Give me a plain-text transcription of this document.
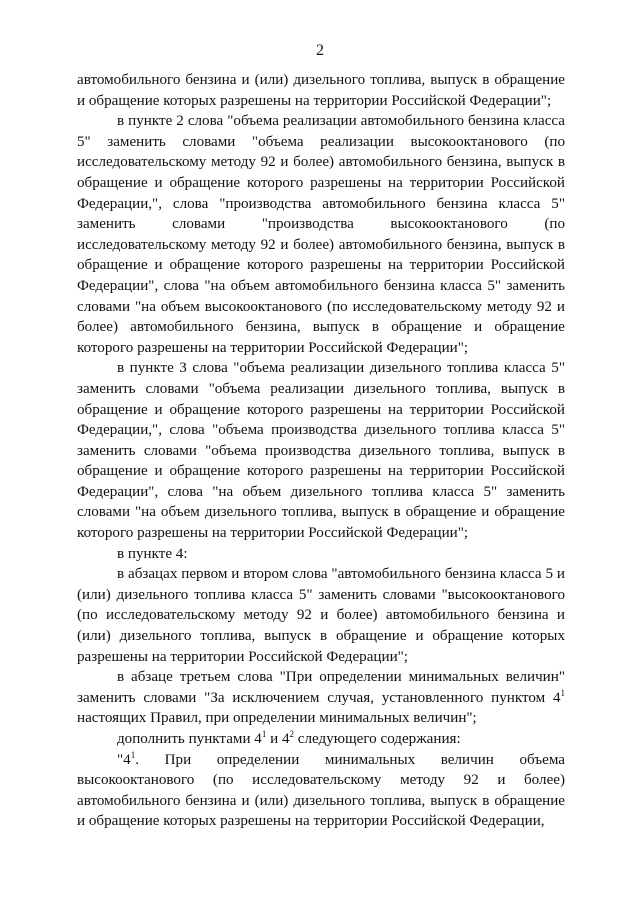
2

автомобильного бензина и (или) дизельного топлива, выпуск в обращение и обращение которых разрешены на территории Российской Федерации";

в пункте 2 слова "объема реализации автомобильного бензина класса 5" заменить словами "объема реализации высокооктанового (по исследовательскому методу 92 и более) автомобильного бензина, выпуск в обращение и обращение которого разрешены на территории Российской Федерации,", слова "производства автомобильного бензина класса 5" заменить словами "производства высокооктанового (по исследовательскому методу 92 и более) автомобильного бензина, выпуск в обращение и обращение которого разрешены на территории Российской Федерации", слова "на объем автомобильного бензина класса 5" заменить словами "на объем высокооктанового (по исследовательскому методу 92 и более) автомобильного бензина, выпуск в обращение и обращение которого разрешены на территории Российской Федерации";

в пункте 3 слова "объема реализации дизельного топлива класса 5" заменить словами "объема реализации дизельного топлива, выпуск в обращение и обращение которого разрешены на территории Российской Федерации,", слова "объема производства дизельного топлива класса 5" заменить словами "объема производства дизельного топлива, выпуск в обращение и обращение которого разрешены на территории Российской Федерации", слова "на объем дизельного топлива класса 5" заменить словами "на объем дизельного топлива, выпуск в обращение и обращение которого разрешены на территории Российской Федерации";

в пункте 4:

в абзацах первом и втором слова "автомобильного бензина класса 5 и (или) дизельного топлива класса 5" заменить словами "высокооктанового (по исследовательскому методу 92 и более) автомобильного бензина и (или) дизельного топлива, выпуск в обращение и обращение которых разрешены на территории Российской Федерации";

в абзаце третьем слова "При определении минимальных величин" заменить словами "За исключением случая, установленного пунктом $4^1$ настоящих Правил, при определении минимальных величин";

дополнить пунктами $4^1$ и $4^2$ следующего содержания:

"$4^1$. При определении минимальных величин объема высокооктанового (по исследовательскому методу 92 и более) автомобильного бензина и (или) дизельного топлива, выпуск в обращение и обращение которых разрешены на территории Российской Федерации,
